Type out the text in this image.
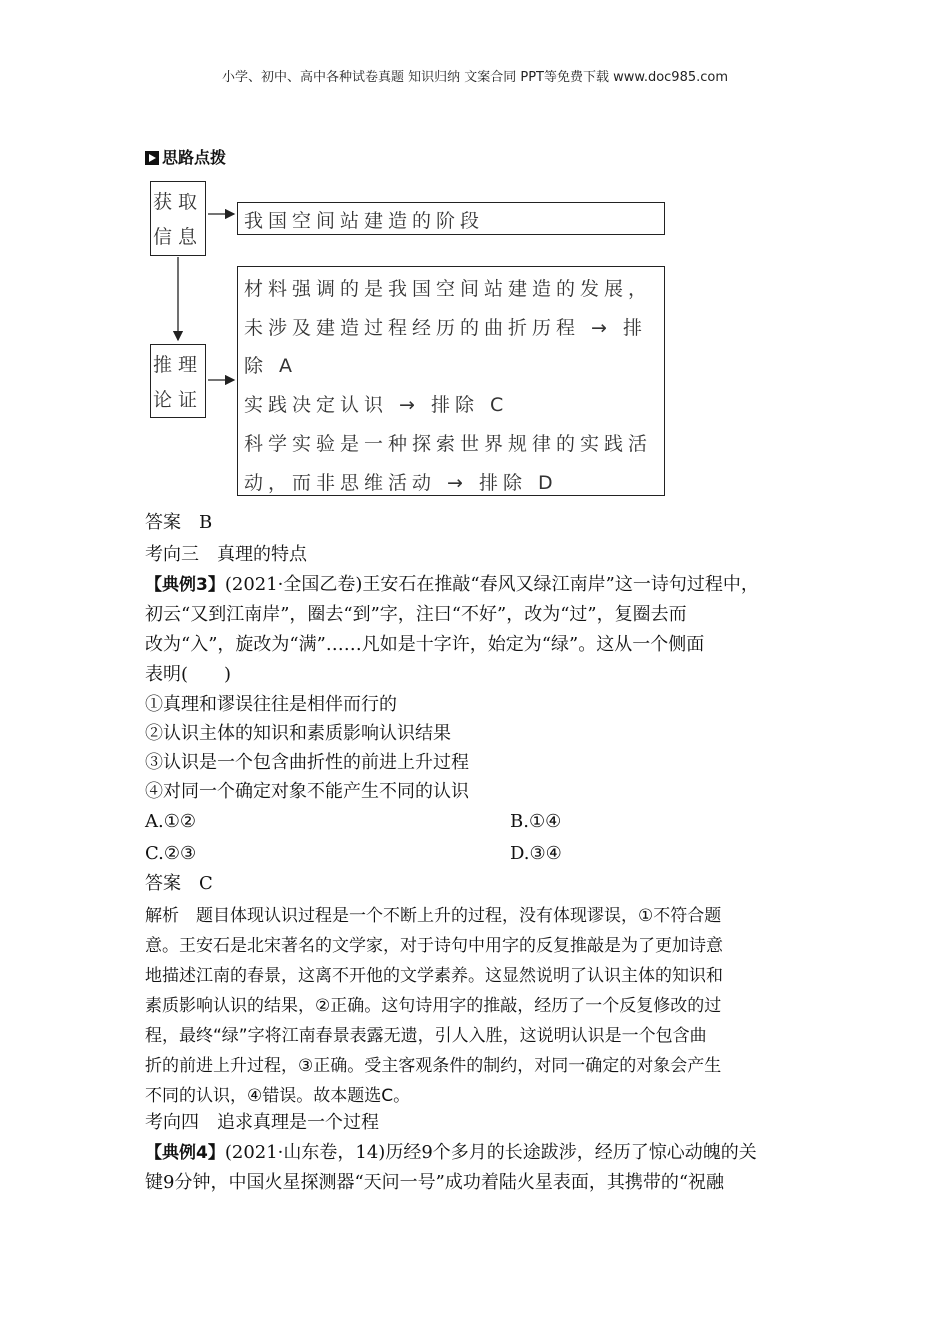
小学、初中、高中各种试卷真题 知识归纳 文案合同 PPT等免费下载 www.doc985.com
思路点拨
获取
信息
我国空间站建造的阶段
推理
论证
材料强调的是我国空间站建造的发展，
未涉及建造过程经历的曲折历程 → 排
除 A
实践决定认识 → 排除 C
科学实验是一种探索世界规律的实践活
动，而非思维活动 → 排除 D
答案　B
考向三　真理的特点
【典例3】(2021·全国乙卷)王安石在推敲“春风又绿江南岸”这一诗句过程中，
初云“又到江南岸”，圈去“到”字，注曰“不好”，改为“过”，复圈去而
改为“入”，旋改为“满”……凡如是十字许，始定为“绿”。这从一个侧面
表明(　　)
①真理和谬误往往是相伴而行的
②认识主体的知识和素质影响认识结果
③认识是一个包含曲折性的前进上升过程
④对同一个确定对象不能产生不同的认识
A.①②	B.①④
C.②③	D.③④
答案　C
解析　题目体现认识过程是一个不断上升的过程，没有体现谬误，①不符合题
意。王安石是北宋著名的文学家，对于诗句中用字的反复推敲是为了更加诗意
地描述江南的春景，这离不开他的文学素养。这显然说明了认识主体的知识和
素质影响认识的结果，②正确。这句诗用字的推敲，经历了一个反复修改的过
程，最终“绿”字将江南春景表露无遗，引人入胜，这说明认识是一个包含曲
折的前进上升过程，③正确。受主客观条件的制约，对同一确定的对象会产生
不同的认识，④错误。故本题选C。
考向四　追求真理是一个过程
【典例4】(2021·山东卷，14)历经9个多月的长途跋涉，经历了惊心动魄的关
键9分钟，中国火星探测器“天问一号”成功着陆火星表面，其携带的“祝融
